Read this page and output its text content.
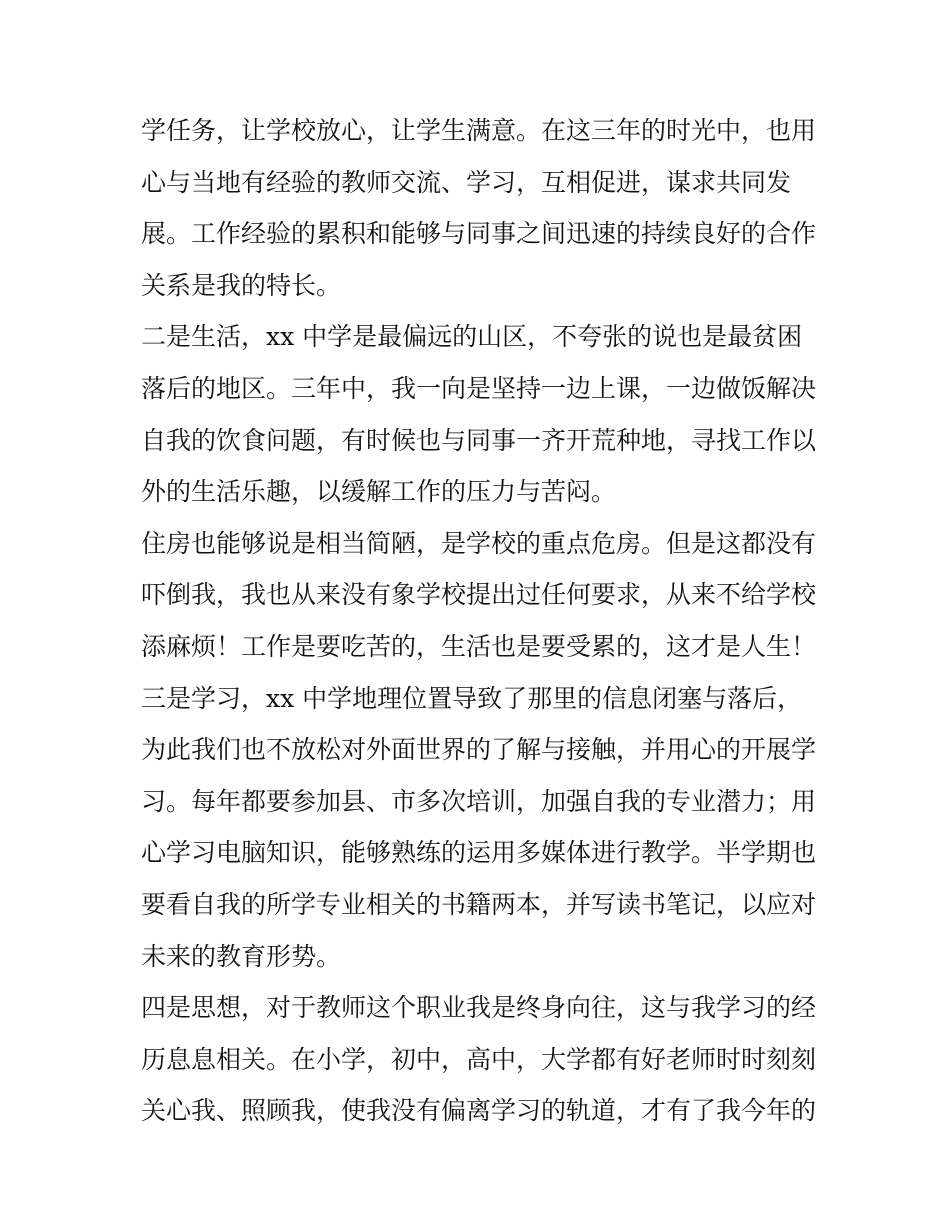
学任务，让学校放心，让学生满意。在这三年的时光中，也用
心与当地有经验的教师交流、学习，互相促进，谋求共同发
展。工作经验的累积和能够与同事之间迅速的持续良好的合作
关系是我的特长。
二是生活，xx 中学是最偏远的山区，不夸张的说也是最贫困
落后的地区。三年中，我一向是坚持一边上课，一边做饭解决
自我的饮食问题，有时候也与同事一齐开荒种地，寻找工作以
外的生活乐趣，以缓解工作的压力与苦闷。
住房也能够说是相当简陋，是学校的重点危房。但是这都没有
吓倒我，我也从来没有象学校提出过任何要求，从来不给学校
添麻烦！工作是要吃苦的，生活也是要受累的，这才是人生！
三是学习，xx 中学地理位置导致了那里的信息闭塞与落后，
为此我们也不放松对外面世界的了解与接触，并用心的开展学
习。每年都要参加县、市多次培训，加强自我的专业潜力；用
心学习电脑知识，能够熟练的运用多媒体进行教学。半学期也
要看自我的所学专业相关的书籍两本，并写读书笔记，以应对
未来的教育形势。
四是思想，对于教师这个职业我是终身向往，这与我学习的经
历息息相关。在小学，初中，高中，大学都有好老师时时刻刻
关心我、照顾我，使我没有偏离学习的轨道，才有了我今年的
